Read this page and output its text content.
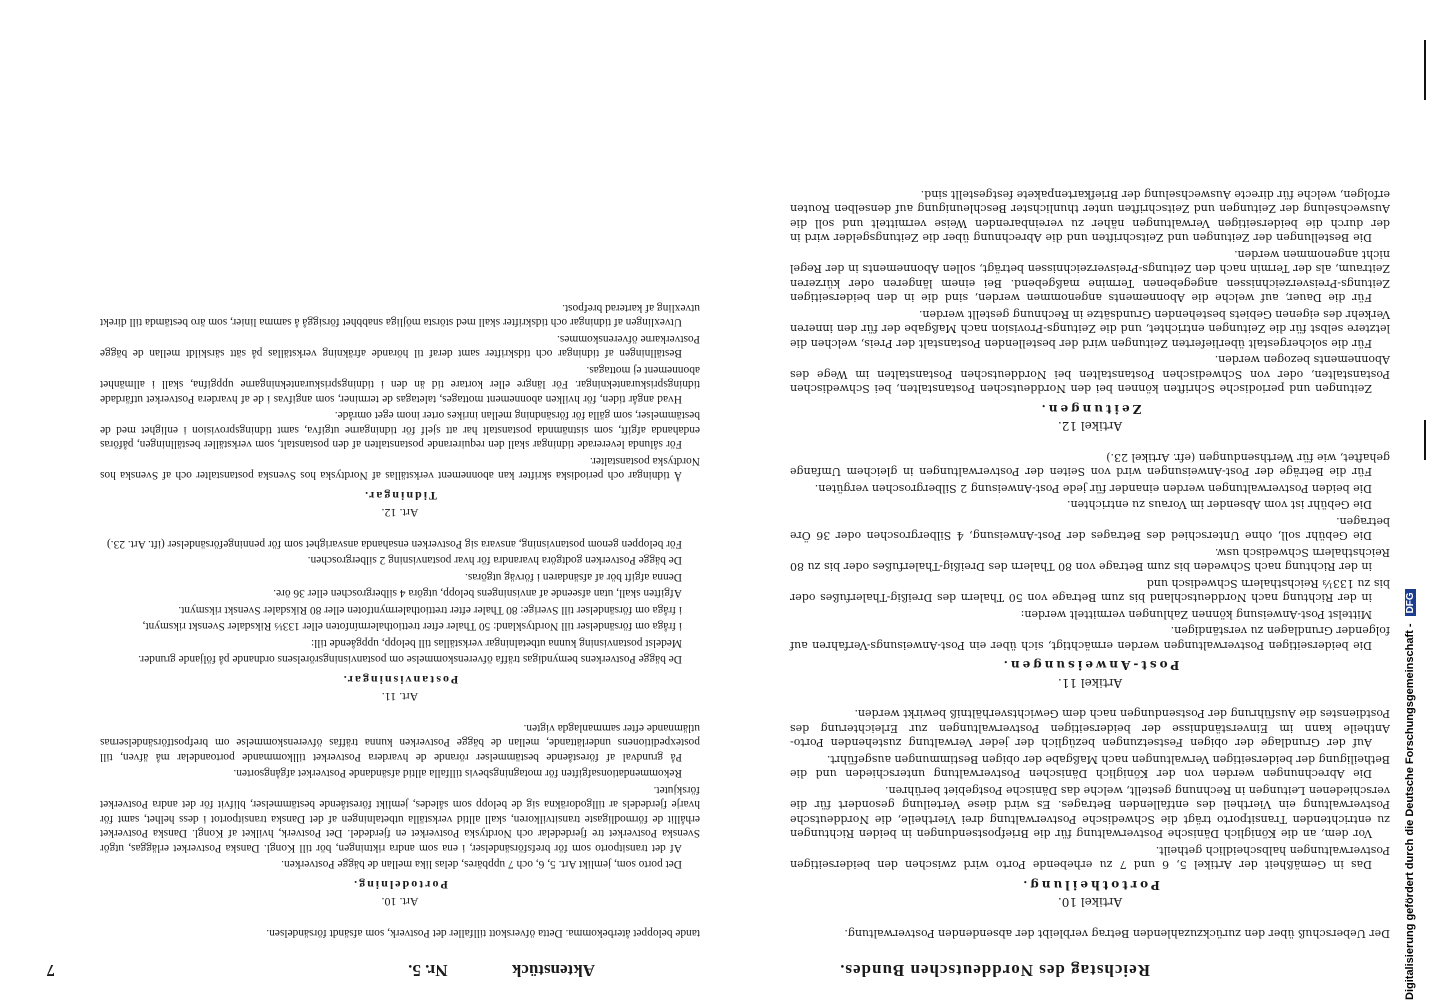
Reichstag des Norddeutschen Bundes.
Aktenstück Nr. 5.
7

Der Ueberschuß über den zurückzuzahlenden Betrag verbleibt der absendenden Postverwaltung.

Artikel 10.
Portotheilung.

Das in Gemäßheit der Artikel 5, 6 und 7 zu erhebende Porto wird zwischen den beiderseitigen Postverwaltungen halbscheidlich getheilt.

Vor dem, an die Königlich Dänische Postverwaltung für die Briefpostsendungen in beiden Richtungen zu entrichtenden Transitporto trägt die Schwedische Postverwaltung drei Viertheile, die Norddeutsche Postverwaltung ein Viertheil des entfallenden Betrages. Es wird diese Verteilung gesondert für die verschiedenen Leitungen in Rechnung gestellt, welche das Dänische Postgebiet berühren.

Die Abrechnungen werden von der Königlich Dänischen Postverwaltung unterschieden und die Betheiligung der beiderseitigen Verwaltungen nach Maßgabe der obigen Bestimmungen ausgeführt.

Auf der Grundlage der obigen Festsetzungen bezüglich der jeder Verwaltung zustehenden Porto-Antheile kann im Einverständnisse der beiderseitigen Postverwaltungen zur Erleichterung des Postdienstes die Ausführung der Postsendungen nach dem Gewichtsverhältniß bewirkt werden.

Artikel 11.
Post-Anweisungen.

Die beiderseitigen Postverwaltungen werden ermächtigt, sich über ein Post-Anweisungs-Verfahren auf folgender Grundlagen zu verständigen.

Mittelst Post-Anweisung können Zahlungen vermittelt werden:

in der Richtung nach Norddeutschland bis zum Betrage von 50 Thalern des Dreißig-Thalerfußes oder bis zu 133⅓ Reichsthalern Schwedisch und

in der Richtung nach Schweden bis zum Betrage von 80 Thalern des Dreißig-Thalerfußes oder bis zu 80 Reichsthalern Schwedisch usw.

Die Gebühr soll, ohne Unterschied des Betrages der Post-Anweisung, 4 Silbergroschen oder 36 Öre betragen.

Die Gebühr ist vom Absender im Voraus zu entrichten.

Die beiden Postverwaltungen werden einander für jede Post-Anweisung 2 Silbergroschen vergüten.

Für die Beträge der Post-Anweisungen wird von Seiten der Postverwaltungen in gleichem Umfange gehaftet, wie für Werthsendungen (efr. Artikel 23.)

Artikel 12.
Zeitungen.

Zeitungen und periodische Schriften können bei den Norddeutschen Postanstalten, bei Schwedischen Postanstalten, oder von Schwedischen Postanstalten bei Norddeutschen Postanstalten im Wege des Abonnements bezogen werden.

Für die solchergestalt überlieferten Zeitungen wird der bestellenden Postanstalt der Preis, welchen die letztere selbst für die Zeitungen entrichtet, und die Zeitungs-Provision nach Maßgabe der für den inneren Verkehr des eigenen Gebiets bestehenden Grundsätze in Rechnung gestellt werden.

Für die Dauer, auf welche die Abonnements angenommen werden, sind die in den beiderseitigen Zeitungs-Preisverzeichnissen angegebenen Termine maßgebend. Bei einem längeren oder kürzeren Zeitraum, als der Termin nach den Zeitungs-Preisverzeichnissen beträgt, sollen Abonnements in der Regel nicht angenommen werden.

Die Bestellungen der Zeitungen und Zeitschriften und die Abrechnung über die Zeitungsgelder wird in der durch die beiderseitigen Verwaltungen näher zu vereinbarenden Weise vermittelt und soll die Auswechselung der Zeitungen und Zeitschriften unter thunlichster Beschleunigung auf denselben Routen erfolgen, welche für directe Auswechselung der Briefkartenpakete festgestellt sind.

tande beloppet återbekomma. Detta öfverskott tillfaller det Postverk, som afsändt försändelsen.

Art. 10.
Portodelning.

Det porto som, jemlikt Art. 5, 6, och 7 uppbäres, delas lika mellan de bägge Postverken.

Af det transitporto som för brefsförsändelser, i ena som andra riktningen, bör till Kongl. Danska Postverket erläggas, utgör Svenska Postverket tre fjerdedelar och Nordtyska Postverket en fjerdedel. Det Postverk, hvilket af Kongl. Danska Postverket erhållit de förmodligaste transitvilkoren, skall alltid verkställa utbetalningen af det Danska transitportot i dess helhet, samt för hvarje fjerdedels ar tillgodoräkna sig de belopp som således, jemlikt förestående bestämmelser, blifvit för det andra Postverket förskjutet.

Rekommendationsafgiften för motagningsbevis tillfalla alltid afsändande Postverket afgångsorten.

På grundval af förestående bestämmelser rörande de hvardera Postverket tillkommande portoandelar må äfven, till postexpeditionens underlättande, mellan de bägge Postverken kunna träffas öfverenskommelse om brefpostförsändelsernas utlämnande efter sammanlagda vigten.

Art. 11.
Postanvisningar.

De bägge Postverkens bemyndigas träffa öfverenskommelse om postanvisningsrörelsens ordnande på följande grunder.

Medelst postanvisning kunna utbetalningar verkställas till belopp, uppgående till:

i fråga om försändelser till Nordtyskland: 50 Thaler efter trettiothalermínfoten eller 133⅓ Riksdaler Svenskt riksmynt,

i fråga om försändelser till Sverige: 80 Thaler efter trettiothalermyntfoten eller 80 Riksdaler Svenskt riksmynt.

Afgiften skall, utan afseende af anvisningens belopp, utgöra 4 silbergroschen eller 36 öre.

Denna afgift bör af afsändaren i förväg utgöras.

De bägge Postverken godtgöra hvarandra för hvar postanvisning 2 silbergroschen.

För beloppen genom postanvisning, ansvara sig Postverken ensahanda ansvarighet som för penningeförsändelser (ift. Art. 23.)

Art. 12.
Tidningar.

Å tidningar och periodiska skrifter kan abonnement verkställas af Nordtyska hos Svenska postanstalter och af Svenska hos Nordtyska postanstalter.

För sålunda levererade tidningar skall den requirerande postanstalten af den postanstalt, som verkställer beställningen, påföras endahanda afgift, som sistnämnda postanstalt har att sjelf för tidningarne utgifva, samt tidningsprovision i enlighet med de bestämmelser, som gälla för försändning mellan inrikes orter inom eget område.

Hvad angår tiden, för hvilken abonnement mottages, taletagas de terminer, som angifvas i de af hvardera Postverket utfärdade tidningspriskurantekningar. För längre eller kortare tid än den i tidningspriskurantekningarne uppgifna, skall i allmänhet abonnement ej mottagas.

Beställningen af tidningar och tidskrifter samt deraf til hörande afräkning verkställas på sätt särskildt mellan de bägge Postverkarne öfverenskommes.

Utvexlingen af tidningar och tidskrifter skall med största möjliga snabbhet försiggå å samma linier, som äro bestämda till direkt utvexling af karterad brefpost.

Digitalisierung gefördert durch die Deutsche Forschungsgemeinschaft - DFG
